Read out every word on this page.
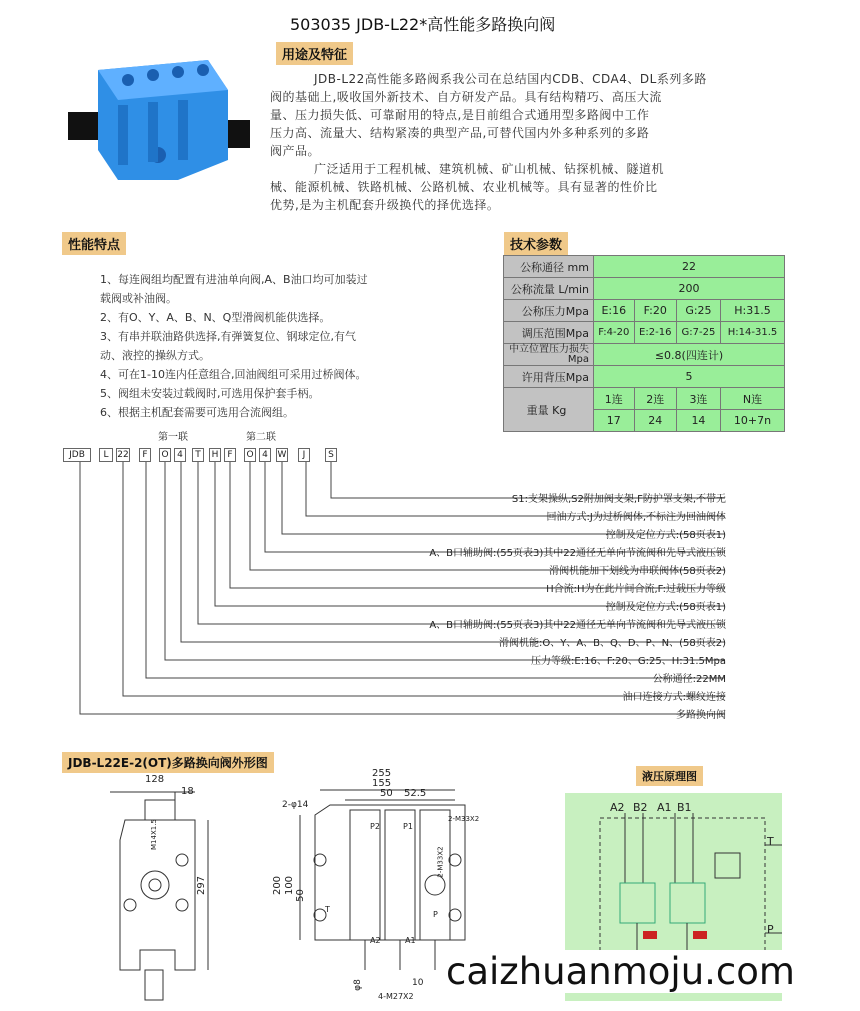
503035 JDB-L22*高性能多路换向阀
用途及特征
JDB-L22高性能多路阀系我公司在总结国内CDB、CDA4、DL系列多路
阀的基础上,吸收国外新技术、自方研发产品。具有结构精巧、高压大流
量、压力损失低、可靠耐用的特点,是目前组合式通用型多路阀中工作
压力高、流量大、结构紧凑的典型产品,可替代国内外多种系列的多路
阀产品。
广泛适用于工程机械、建筑机械、矿山机械、钻探机械、隧道机
械、能源机械、铁路机械、公路机械、农业机械等。具有显著的性价比
优势,是为主机配套升级换代的择优选择。
性能特点
1、每连阀组均配置有进油单向阀,A、B油口均可加装过
载阀或补油阀。
2、有O、Y、A、B、N、Q型滑阀机能供选择。
3、有串并联油路供选择,有弹簧复位、钢球定位,有气
动、液控的操纵方式。
4、可在1-10连内任意组合,回油阀组可采用过桥阀体。
5、阀组未安装过载阀时,可选用保护套手柄。
6、根据主机配套需要可选用合流阀组。
技术参数
公称通径 mm	22			
公称流量 L/min	200			
公称压力Mpa	E:16	F:20	G:25	H:31.5
调压范围Mpa	F:4-20	E:2-16	G:7-25	H:14-31.5
中立位置压力损失Mpa	≤0.8(四连计)			
许用背压Mpa	5			
重量 Kg	1连	2连	3连	N连
	17	24	14	10+7n
第一联	第二联
JDB	L 22	F	O 4	T	H	F	O 4	W	J	S
S1:支架操纵,S2附加阀支架,F防护罩支架,不带无
回油方式:J为过桥阀体,不标注为回油阀体
控制及定位方式:(58页表1)
A、B口辅助阀:(55页表3)其中22通径无单向节流阀和先导式液压锁
滑阀机能加下划线为串联阀体(58页表2)
H合流:H为在此片间合流,F:过载压力等级
控制及定位方式:(58页表1)
A、B口辅助阀:(55页表3)其中22通径无单向节流阀和先导式液压锁
滑阀机能:O、Y、A、B、Q、D、P、N、(58页表2)
压力等级:E:16、F:20、G:25、H:31.5Mpa
公称通径:22MM
油口连接方式:螺纹连接
多路换向阀
JDB-L22E-2(OT)多路换向阀外形图
128
18
297
M14X1.5
255
155
50 52.5
2-φ14
2-M33X2
2-M33X2
200 100
50
P2	P1
A2	A1
T
P
φ8	10
4-M27X2
液压原理图
A2 B2 A1 B1
T
P
caizhuanmoju.com
